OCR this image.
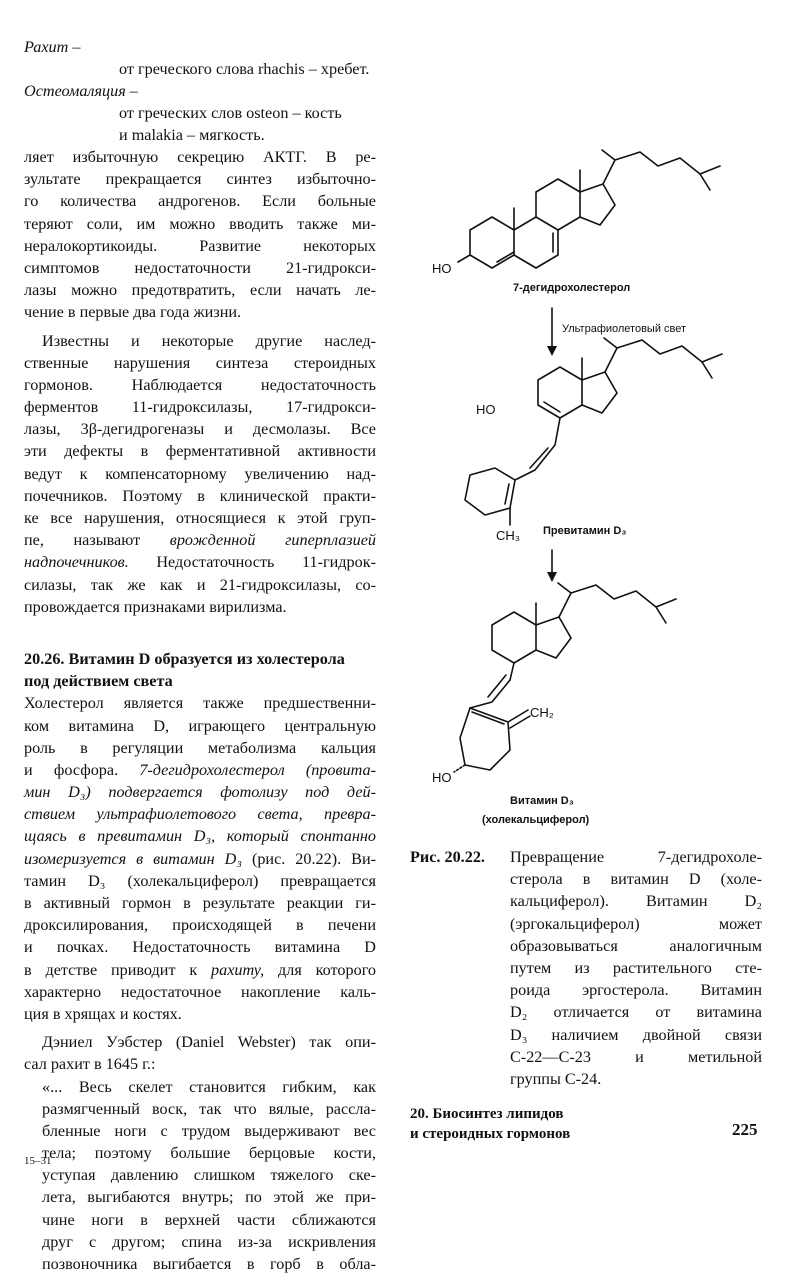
Рахит –
от греческого слова rhachis – хребет.
Остеомаляция –
от греческих слов osteon – кость
и malakia – мягкость.
ляет избыточную секрецию АКТГ. В ре-
зультате прекращается синтез избыточно-
го количества андрогенов. Если больные
теряют соли, им можно вводить также ми-
нералокортикоиды. Развитие некоторых
симптомов недостаточности 21-гидрокси-
лазы можно предотвратить, если начать ле-
чение в первые два года жизни.
Известны и некоторые другие наслед-
ственные нарушения синтеза стероидных
гормонов. Наблюдается недостаточность
ферментов 11-гидроксилазы, 17-гидрокси-
лазы, 3β-дегидрогеназы и десмолазы. Все
эти дефекты в ферментативной активности
ведут к компенсаторному увеличению над-
почечников. Поэтому в клинической практи-
ке все нарушения, относящиеся к этой груп-
пе, называют врожденной гиперплазией
надпочечников. Недостаточность 11-гидрок-
силазы, так же как и 21-гидроксилазы, со-
провождается признаками вирилизма.
20.26. Витамин D образуется из холестерола
под действием света
Холестерол является также предшественни-
ком витамина D, играющего центральную
роль в регуляции метаболизма кальция
и фосфора. 7-дегидрохолестерол (провита-
мин D₃) подвергается фотолизу под дей-
ствием ультрафиолетового света, превра-
щаясь в превитамин D₃, который спонтанно
изомеризуется в витамин D₃ (рис. 20.22). Ви-
тамин D₃ (холекальциферол) превращается
в активный гормон в результате реакции ги-
дроксилирования, происходящей в печени
и почках. Недостаточность витамина D
в детстве приводит к рахиту, для которого
характерно недостаточное накопление каль-
ция в хрящах и костях.
Дэниел Уэбстер (Daniel Webster) так опи-
сал рахит в 1645 г.:
«... Весь скелет становится гибким, как
размягченный воск, так что вялые, рассла-
бленные ноги с трудом выдерживают вес
тела; поэтому большие берцовые кости,
уступая давлению слишком тяжелого ске-
лета, выгибаются внутрь; по этой же при-
чине ноги в верхней части сближаются
друг с другом; спина из-за искривления
позвоночника выгибается в горб в обла-
HO
7-дегидрохолестерол
Ультрафиолетовый свет
CH₃
HO
Превитамин D₃
CH₂
HO
Витамин D₃
(холекальциферол)
Рис. 20.22. Превращение 7-дегидрохоле-
стерола в витамин D (холе-
кальциферол). Витамин D₂
(эргокальциферол) может
образовываться аналогичным
путем из растительного сте-
роида эргостерола. Витамин
D₂ отличается от витамина
D₃ наличием двойной связи
C-22—C-23 и метильной
группы C-24.
20. Биосинтез липидов
и стероидных гормонов	225
15–31
